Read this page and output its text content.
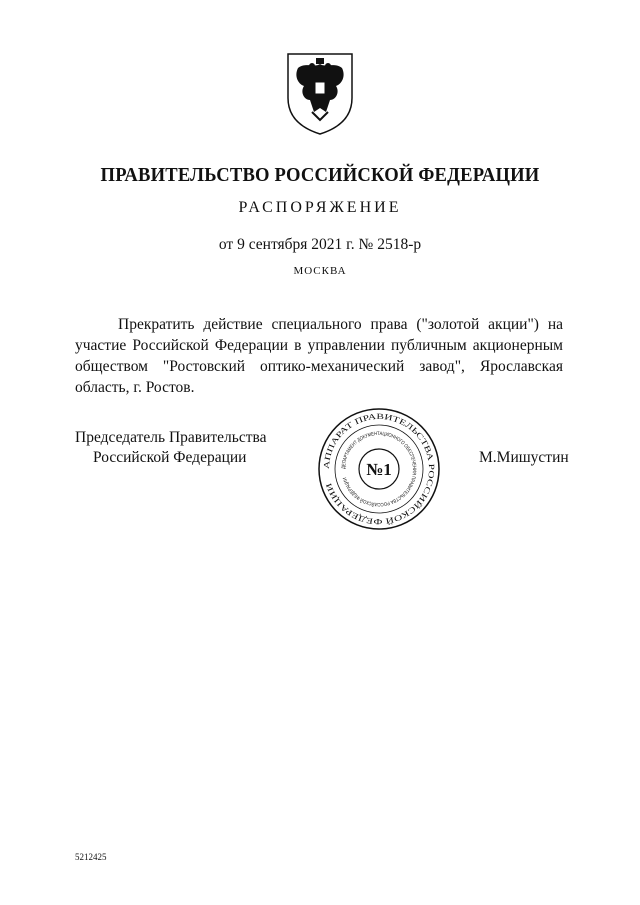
ПРАВИТЕЛЬСТВО РОССИЙСКОЙ ФЕДЕРАЦИИ
РАСПОРЯЖЕНИЕ
от 9 сентября 2021 г. № 2518-р
МОСКВА
Прекратить действие специального права ("золотой акции") на
участие Российской Федерации в управлении публичным акционерным
обществом "Ростовский оптико-механический завод", Ярославская
область, г. Ростов.
Председатель Правительства
Российской Федерации	М.Мишустин
АППАРАТ ПРАВИТЕЛЬСТВА РОССИЙСКОЙ ФЕДЕРАЦИИ
ДЕПАРТАМЕНТ ДОКУМЕНТАЦИОННОГО ОБЕСПЕЧЕНИЯ ПРАВИТЕЛЬСТВА РОССИЙСКОЙ ФЕДЕРАЦИИ	№1
5212425
